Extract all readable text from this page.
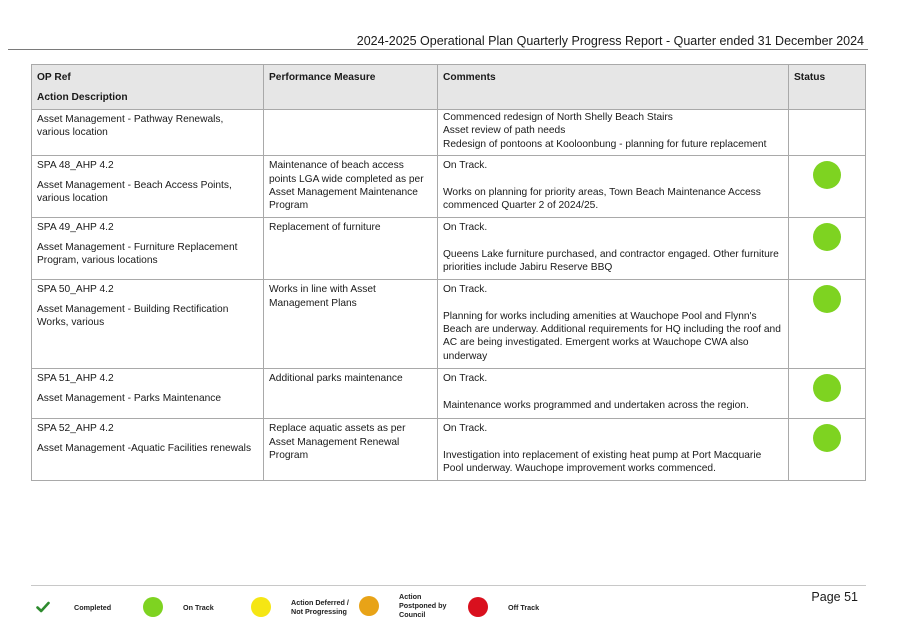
2024-2025 Operational Plan Quarterly Progress Report - Quarter ended 31 December 2024
OP Ref
Action Description	Performance Measure	Comments	Status

Asset Management - Pathway Renewals, various location		Commenced redesign of North Shelly Beach Stairs
Asset review of path needs
Redesign of pontoons at Kooloonbung - planning for future replacement	

SPA 48_AHP 4.2
Asset Management - Beach Access Points, various location	Maintenance of beach access points LGA wide completed as per Asset Management Maintenance Program	On Track.
Works on planning for priority areas, Town Beach Maintenance Access commenced Quarter 2 of 2024/25.	

SPA 49_AHP 4.2
Asset Management - Furniture Replacement Program, various locations	Replacement of furniture	On Track.
Queens Lake furniture purchased, and contractor engaged. Other furniture priorities include Jabiru Reserve BBQ	

SPA 50_AHP 4.2
Asset Management - Building Rectification Works, various	Works in line with Asset Management Plans	On Track.
Planning for works including amenities at Wauchope Pool and Flynn's Beach are underway. Additional requirements for HQ including the roof and AC are being investigated. Emergent works at Wauchope CWA also underway	

SPA 51_AHP 4.2
Asset Management - Parks Maintenance	Additional parks maintenance	On Track.
Maintenance works programmed and undertaken across the region.	

SPA 52_AHP 4.2
Asset Management -Aquatic Facilities renewals	Replace aquatic assets as per Asset Management Renewal Program	On Track.
Investigation into replacement of existing heat pump at Port Macquarie Pool underway. Wauchope improvement works commenced.	

Completed	On Track	Action Deferred /
Not Progressing
Action
Postponed by
Council
Off Track
Page 51
